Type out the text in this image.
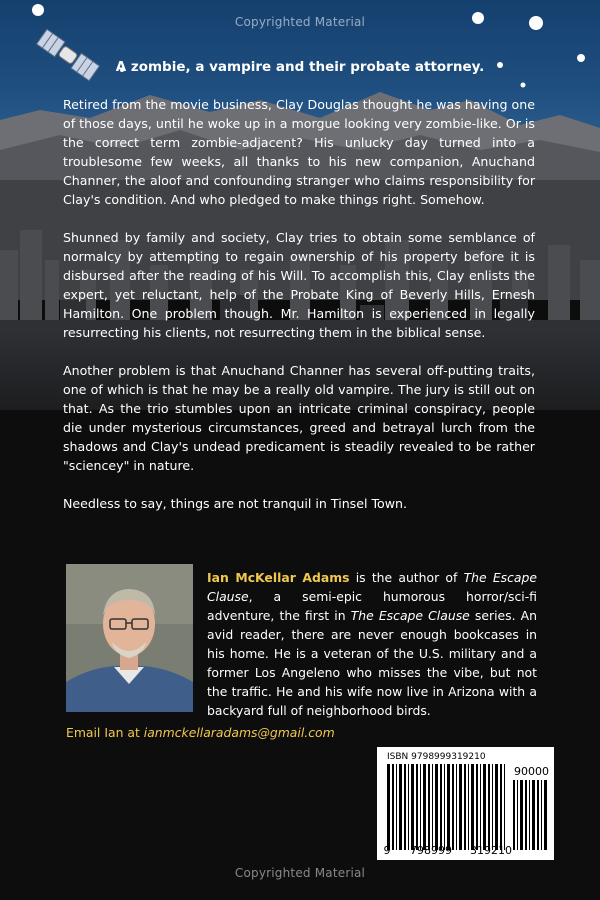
Copyrighted Material
A zombie, a vampire and their probate attorney.

Retired from the movie business, Clay Douglas thought he was having one of those days, until he woke up in a morgue looking very zombie-like. Or is the correct term zombie-adjacent? His unlucky day turned into a troublesome few weeks, all thanks to his new companion, Anuchand Channer, the aloof and confounding stranger who claims responsibility for Clay's condition. And who pledged to make things right. Somehow.

Shunned by family and society, Clay tries to obtain some semblance of normalcy by attempting to regain ownership of his property before it is disbursed after the reading of his Will. To accomplish this, Clay enlists the expert, yet reluctant, help of the Probate King of Beverly Hills, Ernesh Hamilton. One problem though. Mr. Hamilton is experienced in legally resurrecting his clients, not resurrecting them in the biblical sense.

Another problem is that Anuchand Channer has several off-putting traits, one of which is that he may be a really old vampire. The jury is still out on that. As the trio stumbles upon an intricate criminal conspiracy, people die under mysterious circumstances, greed and betrayal lurch from the shadows and Clay's undead predicament is steadily revealed to be rather "sciencey" in nature.

Needless to say, things are not tranquil in Tinsel Town.

Ian McKellar Adams is the author of The Escape Clause, a semi-epic humorous horror/sci-fi adventure, the first in The Escape Clause series. An avid reader, there are never enough bookcases in his home. He is a veteran of the U.S. military and a former Los Angeleno who misses the vibe, but not the traffic. He and his wife now live in Arizona with a backyard full of neighborhood birds.
Email Ian at ianmckellaradams@gmail.com
ISBN 9798999319210
90000
9	798999	319210
Copyrighted Material
